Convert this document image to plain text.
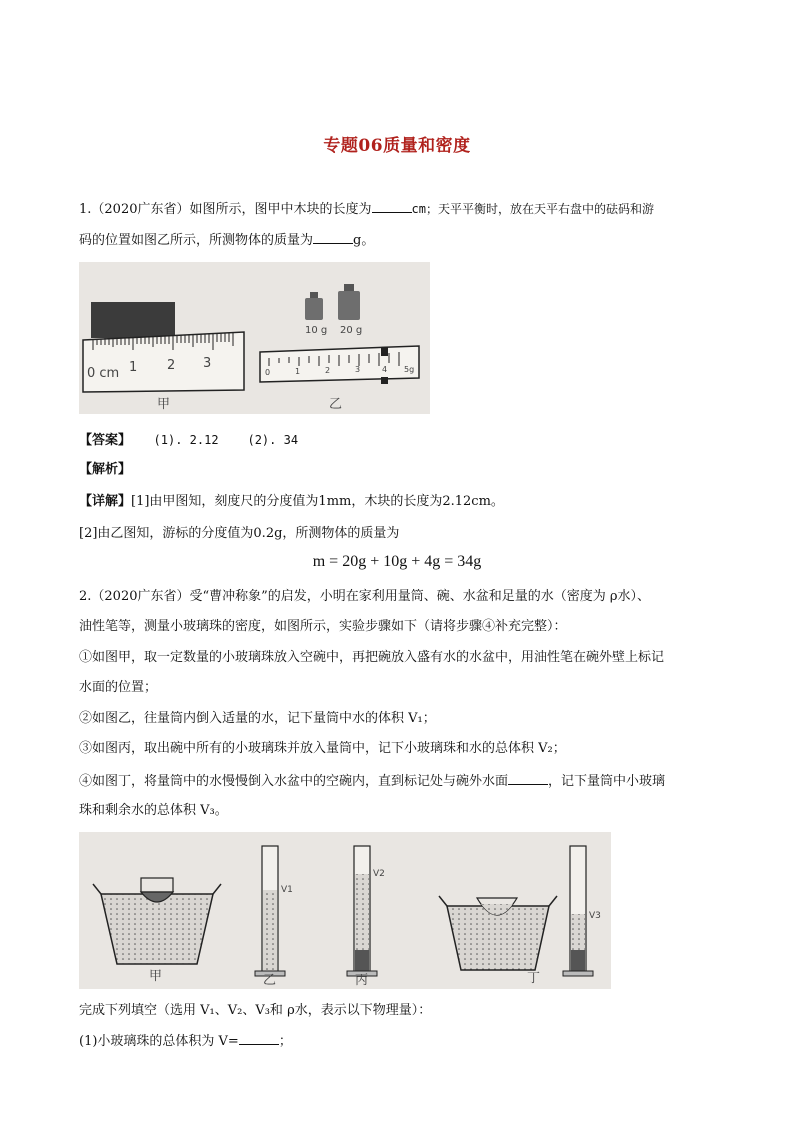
专题06质量和密度
1.（2020广东省）如图所示，图甲中木块的长度为	cm；天平平衡时，放在天平右盘中的砝码和游
码的位置如图乙所示，所测物体的质量为	g。
0 cm 1 2 3
甲
10 g 20 g
0	1	2	3	4 5g
乙
【答案】 (1). 2.12    (2). 34
【解析】
【详解】[1]由甲图知，刻度尺的分度值为1mm，木块的长度为2.12cm。
[2]由乙图知，游标的分度值为0.2g，所测物体的质量为
m = 20g + 10g + 4g = 34g
2.（2020广东省）受“曹冲称象”的启发，小明在家利用量筒、碗、水盆和足量的水（密度为 ρ水）、
油性笔等，测量小玻璃珠的密度，如图所示，实验步骤如下（请将步骤④补充完整）：
①如图甲，取一定数量的小玻璃珠放入空碗中，再把碗放入盛有水的水盆中，用油性笔在碗外壁上标记
水面的位置；
②如图乙，往量筒内倒入适量的水，记下量筒中水的体积 V₁；
③如图丙，取出碗中所有的小玻璃珠并放入量筒中，记下小玻璃珠和水的总体积 V₂；
④如图丁，将量筒中的水慢慢倒入水盆中的空碗内，直到标记处与碗外水面	，记下量筒中小玻璃
珠和剩余水的总体积 V₃。
甲
V1
乙
V2
丙	丁
V3
完成下列填空（选用 V₁、V₂、V₃和 ρ水，表示以下物理量）：
(1)小玻璃珠的总体积为 V=	；
